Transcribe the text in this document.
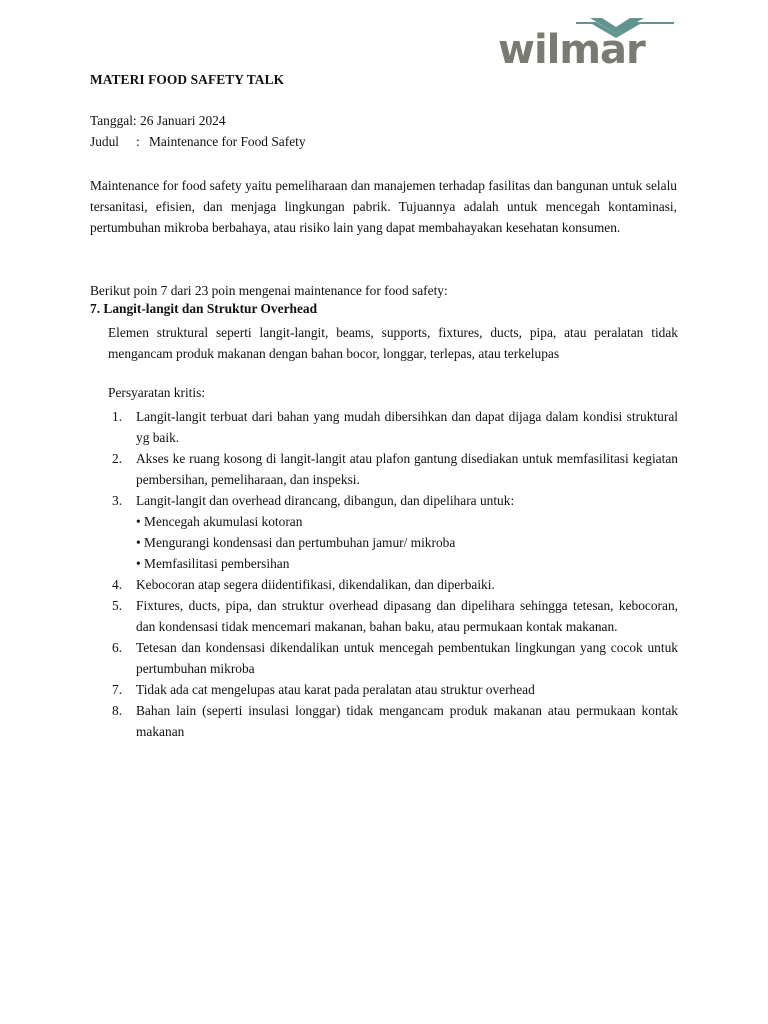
wilmar
MATERI FOOD SAFETY TALK
Tanggal: 26 Januari 2024
Judul : Maintenance for Food Safety
Maintenance for food safety yaitu pemeliharaan dan manajemen terhadap fasilitas dan bangunan untuk selalu tersanitasi, efisien, dan menjaga lingkungan pabrik. Tujuannya adalah untuk mencegah kontaminasi, pertumbuhan mikroba berbahaya, atau risiko lain yang dapat membahayakan kesehatan konsumen.
Berikut poin 7 dari 23 poin mengenai maintenance for food safety:
7. Langit-langit dan Struktur Overhead
Elemen struktural seperti langit-langit, beams, supports, fixtures, ducts, pipa, atau peralatan tidak mengancam produk makanan dengan bahan bocor, longgar, terlepas, atau terkelupas
Persyaratan kritis:
1. Langit-langit terbuat dari bahan yang mudah dibersihkan dan dapat dijaga dalam kondisi struktural yg baik.
2. Akses ke ruang kosong di langit-langit atau plafon gantung disediakan untuk memfasilitasi kegiatan pembersihan, pemeliharaan, dan inspeksi.
3. Langit-langit dan overhead dirancang, dibangun, dan dipelihara untuk:
• Mencegah akumulasi kotoran
• Mengurangi kondensasi dan pertumbuhan jamur/ mikroba
• Memfasilitasi pembersihan
4. Kebocoran atap segera diidentifikasi, dikendalikan, dan diperbaiki.
5. Fixtures, ducts, pipa, dan struktur overhead dipasang dan dipelihara sehingga tetesan, kebocoran, dan kondensasi tidak mencemari makanan, bahan baku, atau permukaan kontak makanan.
6. Tetesan dan kondensasi dikendalikan untuk mencegah pembentukan lingkungan yang cocok untuk pertumbuhan mikroba
7. Tidak ada cat mengelupas atau karat pada peralatan atau struktur overhead
8. Bahan lain (seperti insulasi longgar) tidak mengancam produk makanan atau permukaan kontak makanan
